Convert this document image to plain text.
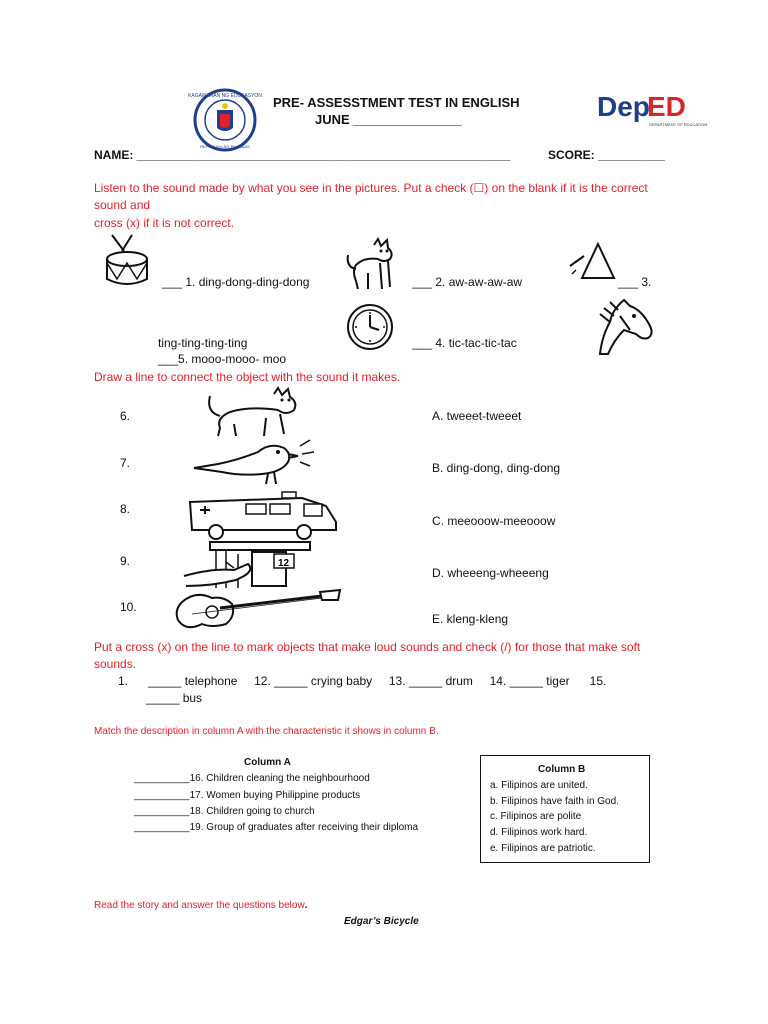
KAGAWARAN NG EDUKASYON
REPUBLIKA NG PILIPINAS
PRE- ASSESSTMENT TEST IN ENGLISH
JUNE _______________	Dep
ED
DEPARTMENT OF EDUCATION
NAME: ________________________________________________________	SCORE: __________
Listen to the sound made by what you see in the pictures. Put a check (☐) on the blank if it is the correct
sound and
cross (x) if it is not correct.
___ 1. ding-dong-ding-dong	___ 2. aw-aw-aw-aw	___ 3.
___ 4. tic-tac-tic-tac
ting-ting-ting-ting
___5. mooo-mooo- moo
Draw a line to connect the object with the sound it makes.
6.
7.
8.
9.
10.
12
A. tweeet-tweeet
B. ding-dong, ding-dong
C. meeooow-meeooow
D. wheeeng-wheeeng
E. kleng-kleng
Put a cross (x) on the line to mark objects that make loud sounds and check (/) for those that make soft
sounds.
1.      _____ telephone     12. _____ crying baby     13. _____ drum     14. _____ tiger      15.
_____ bus
Match the description in column A with the characteristic it shows in column B.
Column A
__________16. Children cleaning the neighbourhood
__________17. Women buying Philippine products
__________18. Children going to church
__________19. Group of graduates after receiving their diploma
Column B
a. Filipinos are united.
b. Filipinos have faith in God.
c. Filipinos are polite
d. Filipinos work hard.
e. Filipinos are patriotic.
Read the story and answer the questions below.
Edgar’s Bicycle
